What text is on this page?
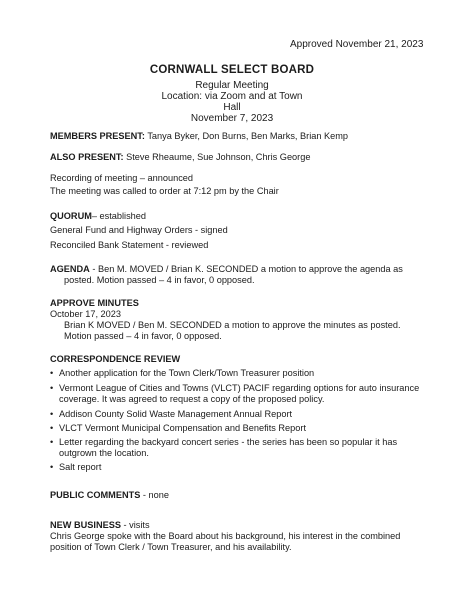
Approved November 21, 2023
CORNWALL SELECT BOARD
Regular Meeting
Location: via Zoom and at Town
Hall
November 7, 2023
MEMBERS PRESENT: Tanya Byker, Don Burns, Ben Marks, Brian Kemp
ALSO PRESENT: Steve Rheaume, Sue Johnson, Chris George
Recording of meeting – announced
The meeting was called to order at 7:12 pm by the Chair
QUORUM– established
General Fund and Highway Orders - signed
Reconciled Bank Statement - reviewed
AGENDA - Ben M. MOVED / Brian K. SECONDED a motion to approve the agenda as
posted. Motion passed – 4 in favor, 0 opposed.
APPROVE MINUTES
October 17, 2023
Brian K MOVED / Ben M. SECONDED a motion to approve the minutes as posted.
Motion passed – 4 in favor, 0 opposed.
CORRESPONDENCE REVIEW
• Another application for the Town Clerk/Town Treasurer position
• Vermont League of Cities and Towns (VLCT) PACIF regarding options for auto insurance
coverage. It was agreed to request a copy of the proposed policy.
• Addison County Solid Waste Management Annual Report
• VLCT Vermont Municipal Compensation and Benefits Report
• Letter regarding the backyard concert series - the series has been so popular it has
outgrown the location.
• Salt report
PUBLIC COMMENTS - none
NEW BUSINESS - visits
Chris George spoke with the Board about his background, his interest in the combined
position of Town Clerk / Town Treasurer, and his availability.
